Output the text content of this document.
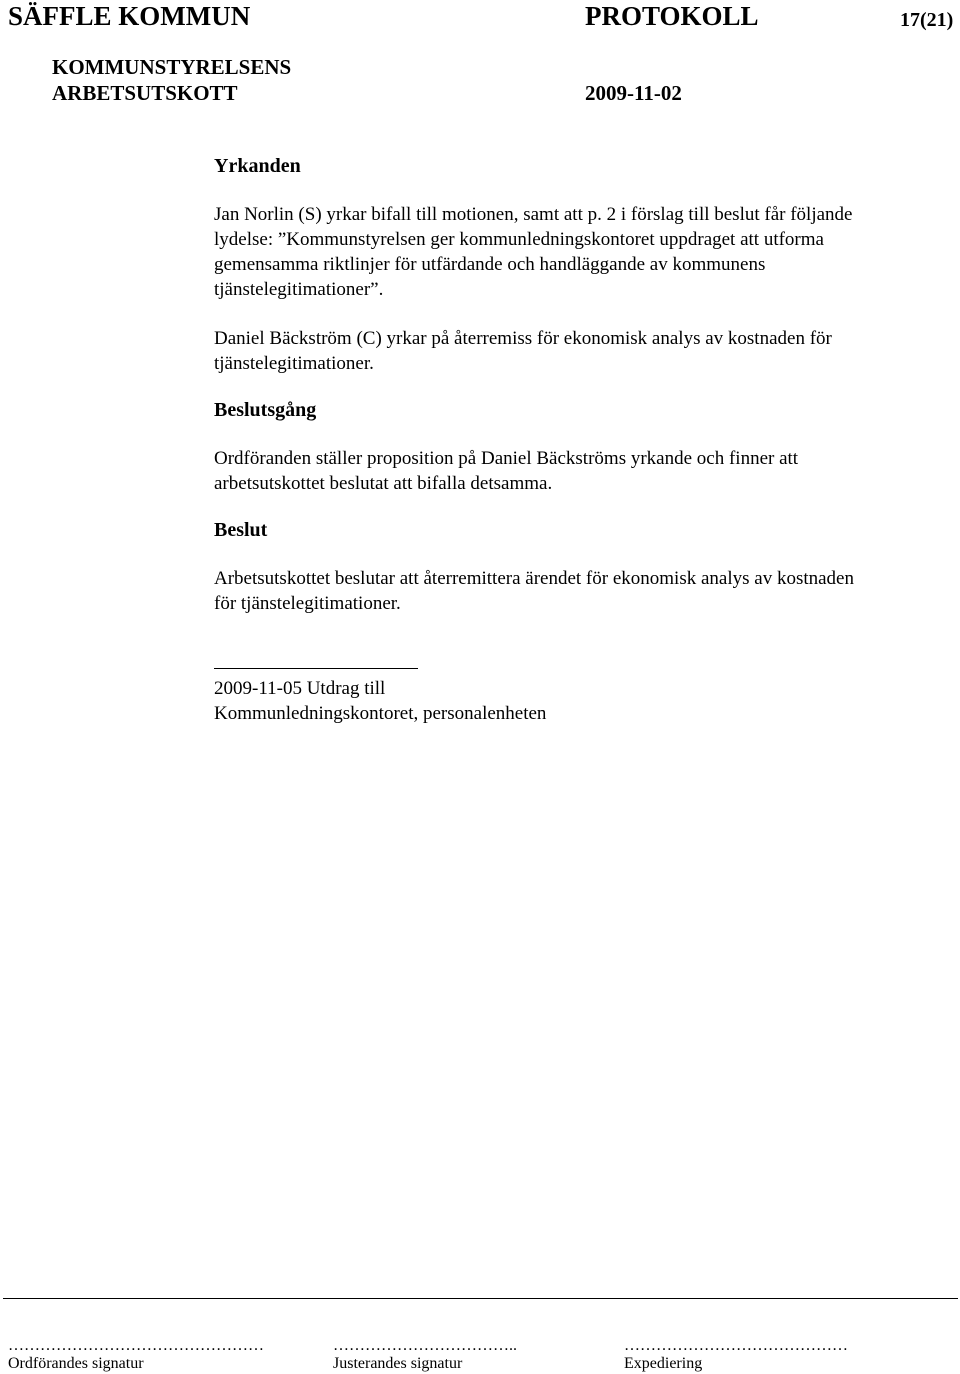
SÄFFLE KOMMUN	PROTOKOLL	17(21)
KOMMUNSTYRELSENS
ARBETSUTSKOTT	2009-11-02
Yrkanden

Jan Norlin (S) yrkar bifall till motionen, samt att p. 2 i förslag till beslut får följande

lydelse: ”Kommunstyrelsen ger kommunledningskontoret uppdraget att utforma

gemensamma riktlinjer för utfärdande och handläggande av kommunens

tjänstelegitimationer”.

Daniel Bäckström (C) yrkar på återremiss för ekonomisk analys av kostnaden för

tjänstelegitimationer.

Beslutsgång

Ordföranden ställer proposition på Daniel Bäckströms yrkande och finner att

arbetsutskottet beslutat att bifalla detsamma.

Beslut

Arbetsutskottet beslutar att återremittera ärendet för ekonomisk analys av kostnaden

för tjänstelegitimationer.

2009-11-05 Utdrag till

Kommunledningskontoret, personalenheten

…………………………………………	……………………………..	……………………………………
Ordförandes signatur	Justerandes signatur	Expediering
